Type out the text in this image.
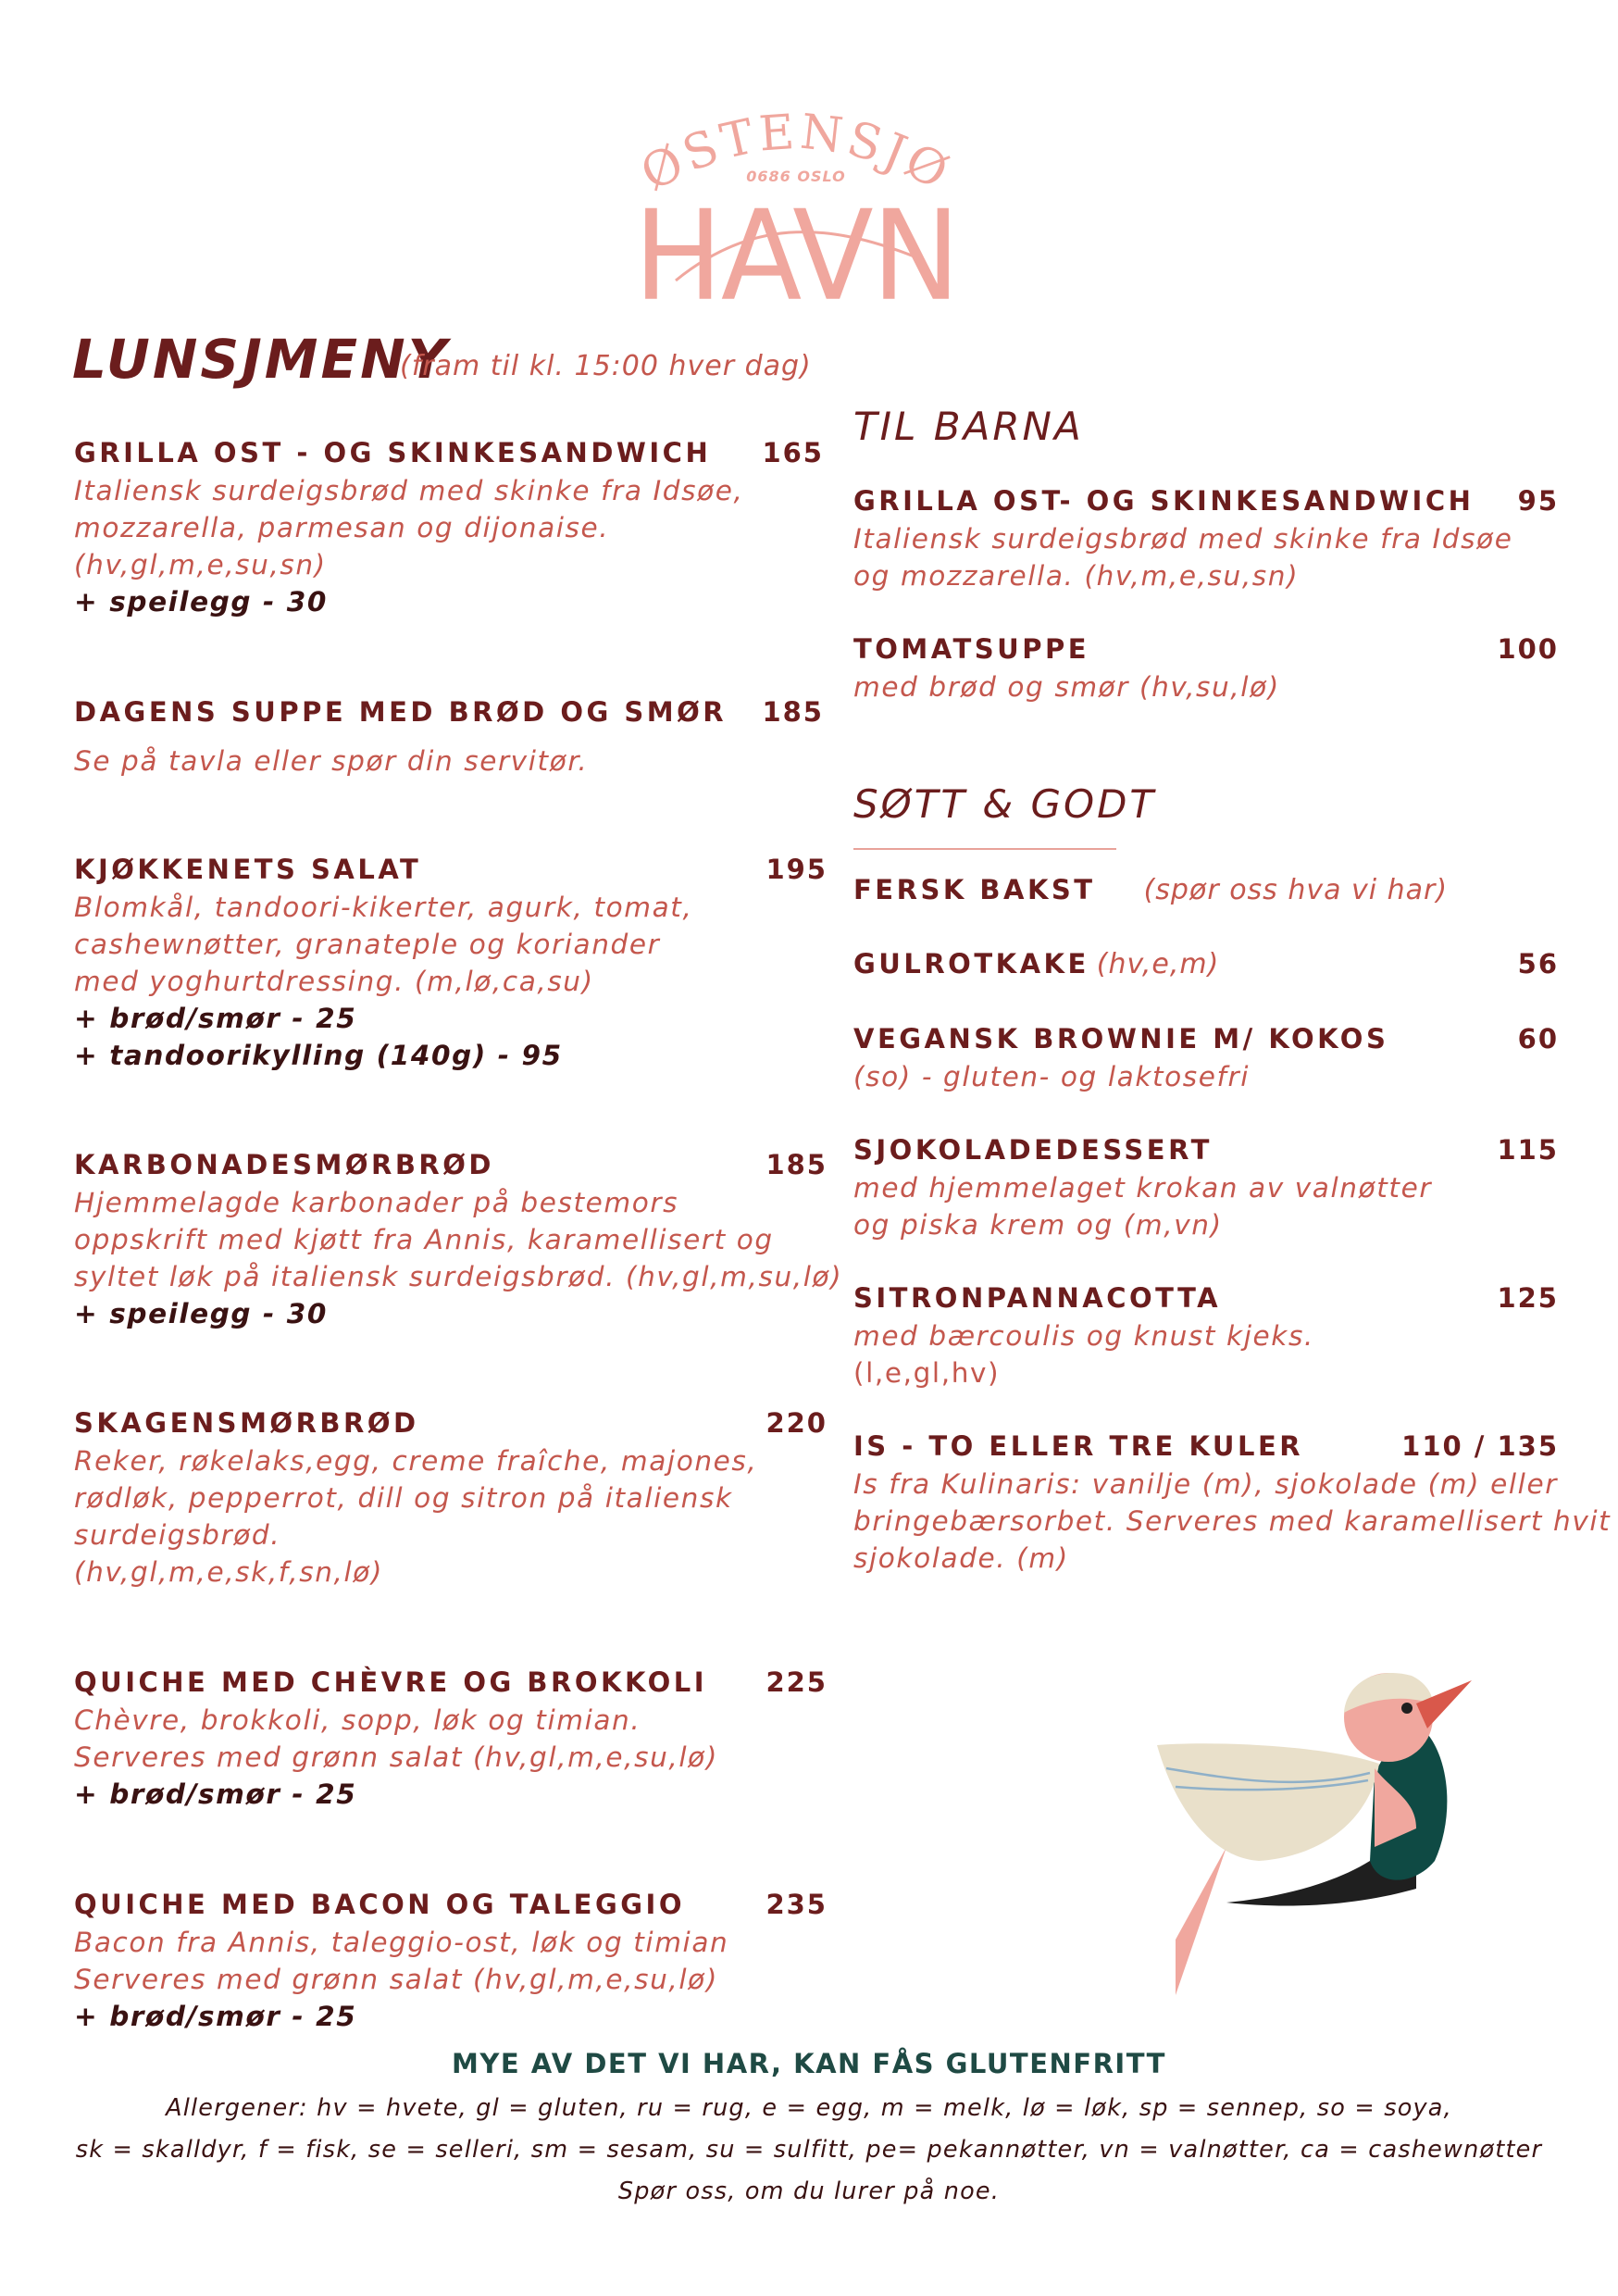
ØSTENSJØ
0686 OSLO
HAVN
LUNSJMENY
(fram til kl. 15:00 hver dag)
GRILLA OST - OG SKINKESANDWICH 165
Italiensk surdeigsbrød med skinke fra Idsøe,
mozzarella, parmesan og dijonaise.
(hv,gl,m,e,su,sn)
+ speilegg - 30
DAGENS SUPPE MED BRØD OG SMØR 185
Se på tavla eller spør din servitør.
KJØKKENETS SALAT	195
Blomkål, tandoori-kikerter, agurk, tomat,
cashewnøtter, granateple og koriander
med yoghurtdressing. (m,lø,ca,su)
+ brød/smør - 25
+ tandoorikylling (140g) - 95
KARBONADESMØRBRØD	185
Hjemmelagde karbonader på bestemors
oppskrift med kjøtt fra Annis, karamellisert og
syltet løk på italiensk surdeigsbrød. (hv,gl,m,su,lø)
+ speilegg - 30
SKAGENSMØRBRØD	220
Reker, røkelaks,egg, creme fraîche, majones,
rødløk, pepperrot, dill og sitron på italiensk
surdeigsbrød.
(hv,gl,m,e,sk,f,sn,lø)
QUICHE MED CHÈVRE OG BROKKOLI 225
Chèvre, brokkoli, sopp, løk og timian.
Serveres med grønn salat (hv,gl,m,e,su,lø)
+ brød/smør - 25
QUICHE MED BACON OG TALEGGIO	235
Bacon fra Annis, taleggio-ost, løk og timian
Serveres med grønn salat (hv,gl,m,e,su,lø)
+ brød/smør - 25
TIL BARNA
GRILLA OST- OG SKINKESANDWICH 95
Italiensk surdeigsbrød med skinke fra Idsøe
og mozzarella. (hv,m,e,su,sn)
TOMATSUPPE	100
med brød og smør (hv,su,lø)
SØTT & GODT
FERSK BAKST (spør oss hva vi har)
GULROTKAKE (hv,e,m)	56
VEGANSK BROWNIE M/ KOKOS	60
(so) - gluten- og laktosefri
SJOKOLADEDESSERT	115
med hjemmelaget krokan av valnøtter
og piska krem og (m,vn)
SITRONPANNACOTTA	125
med bærcoulis og knust kjeks.
(l,e,gl,hv)
IS - TO ELLER TRE KULER	110 / 135
Is fra Kulinaris: vanilje (m), sjokolade (m) eller
bringebærsorbet. Serveres med karamellisert hvit
sjokolade. (m)
MYE AV DET VI HAR, KAN FÅS GLUTENFRITT
Allergener: hv = hvete, gl = gluten, ru = rug, e = egg, m = melk, lø = løk, sp = sennep, so = soya,
sk = skalldyr, f = fisk, se = selleri, sm = sesam, su = sulfitt, pe= pekannøtter, vn = valnøtter, ca = cashewnøtter
Spør oss, om du lurer på noe.
